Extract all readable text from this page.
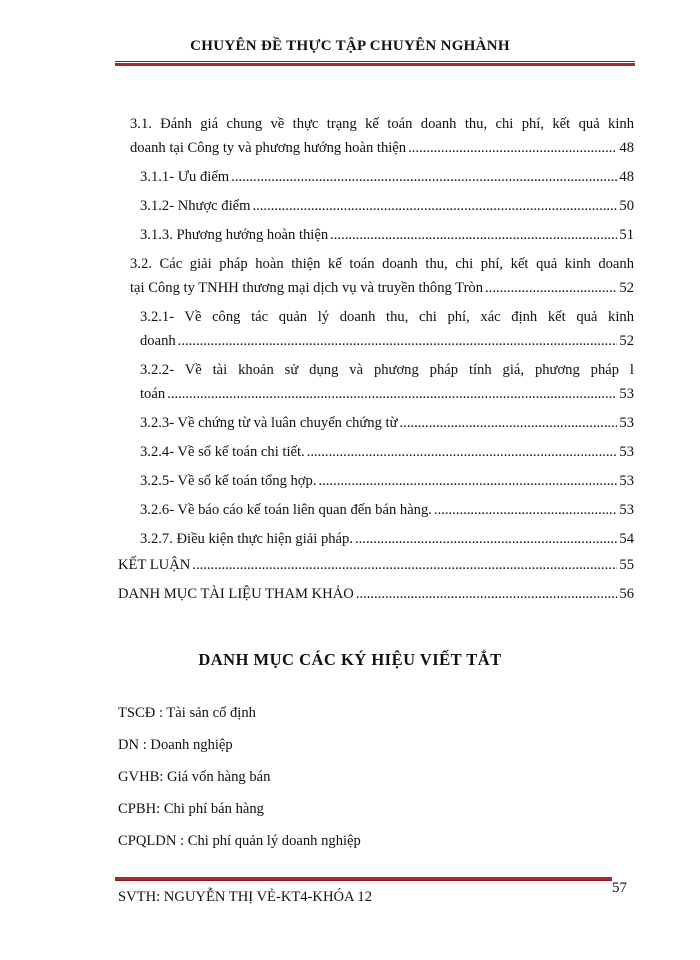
CHUYÊN ĐỀ THỰC TẬP CHUYÊN NGHÀNH
3.1. Đánh giá chung về thực trạng kế toán doanh thu, chi phí, kết quả kinh
doanh tại Công ty và phương hướng hoàn thiện .....	48
3.1.1- Ưu điểm .....	48
3.1.2- Nhược điểm .....	50
3.1.3. Phương hướng hoàn thiện .....	51
3.2. Các giải pháp hoàn thiện kế toán doanh thu, chi phí, kết quả kinh doanh
tại Công ty TNHH thương mại dịch vụ và truyền thông Tròn .....	52
3.2.1- Về công tác quản lý doanh thu, chi phí, xác định kết quả kinh
doanh .....	52
3.2.2- Về tài khoản sử dụng và phương pháp tính giá, phương pháp l
toán .....	53
3.2.3- Về chứng từ và luân chuyển chứng từ .....	53
3.2.4- Về sổ kế toán chi tiết. .....	53
3.2.5- Về sổ kế toán tổng hợp. .....	53
3.2.6- Về báo cáo kế toán liên quan đến bán hàng. .....	53
3.2.7. Điều kiện thực hiện giải pháp. .....	54
KẾT LUẬN .....	55
DANH MỤC TÀI LIỆU THAM KHẢO .....	56
DANH MỤC CÁC KÝ HIỆU VIẾT TẮT
TSCĐ : Tài sản cố định
DN : Doanh nghiệp
GVHB: Giá vốn hàng bán
CPBH: Chi phí bán hàng
CPQLDN : Chi phí quản lý doanh nghiệp
SVTH: NGUYỄN THỊ VẺ-KT4-KHÓA 12
57
